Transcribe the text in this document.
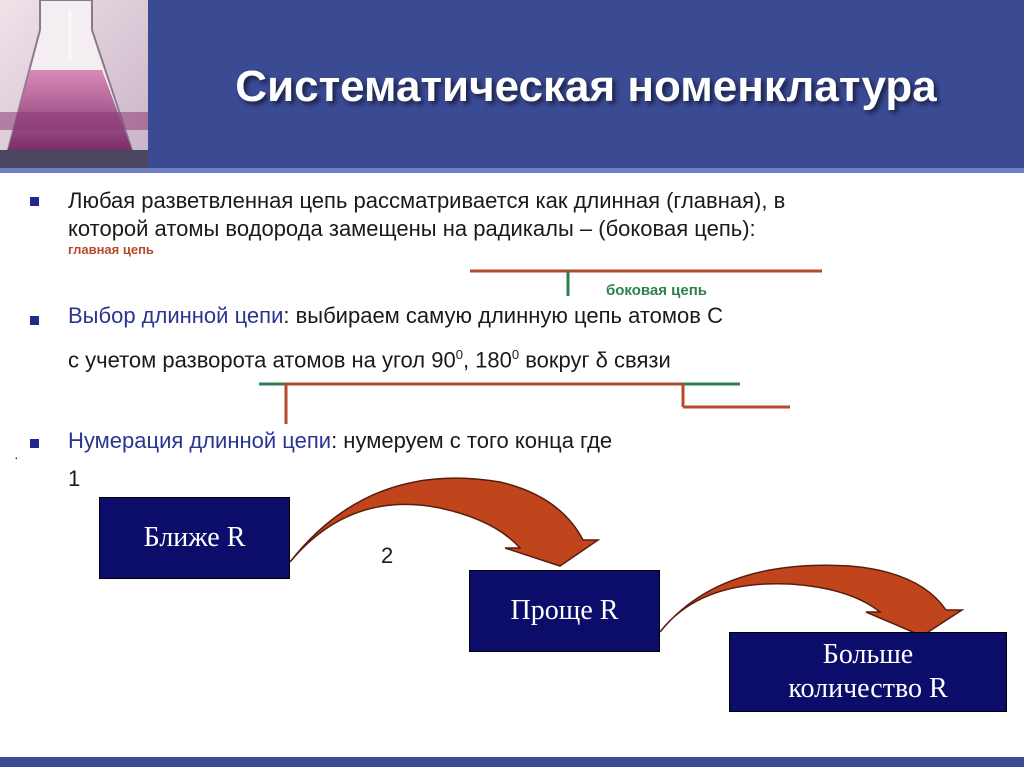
Систематическая номенклатура
Любая разветвленная цепь рассматривается как длинная (главная), в
которой атомы водорода замещены на радикалы – (боковая цепь):
главная цепь
боковая цепь
Выбор длинной цепи: выбираем самую длинную цепь атомов С
с учетом разворота атомов на угол $90^0$, $180^0$ вокруг δ связи
·
Нумерация длинной цепи: нумеруем с того конца где
1
2
Ближе R
Проще R
Больше количество R
